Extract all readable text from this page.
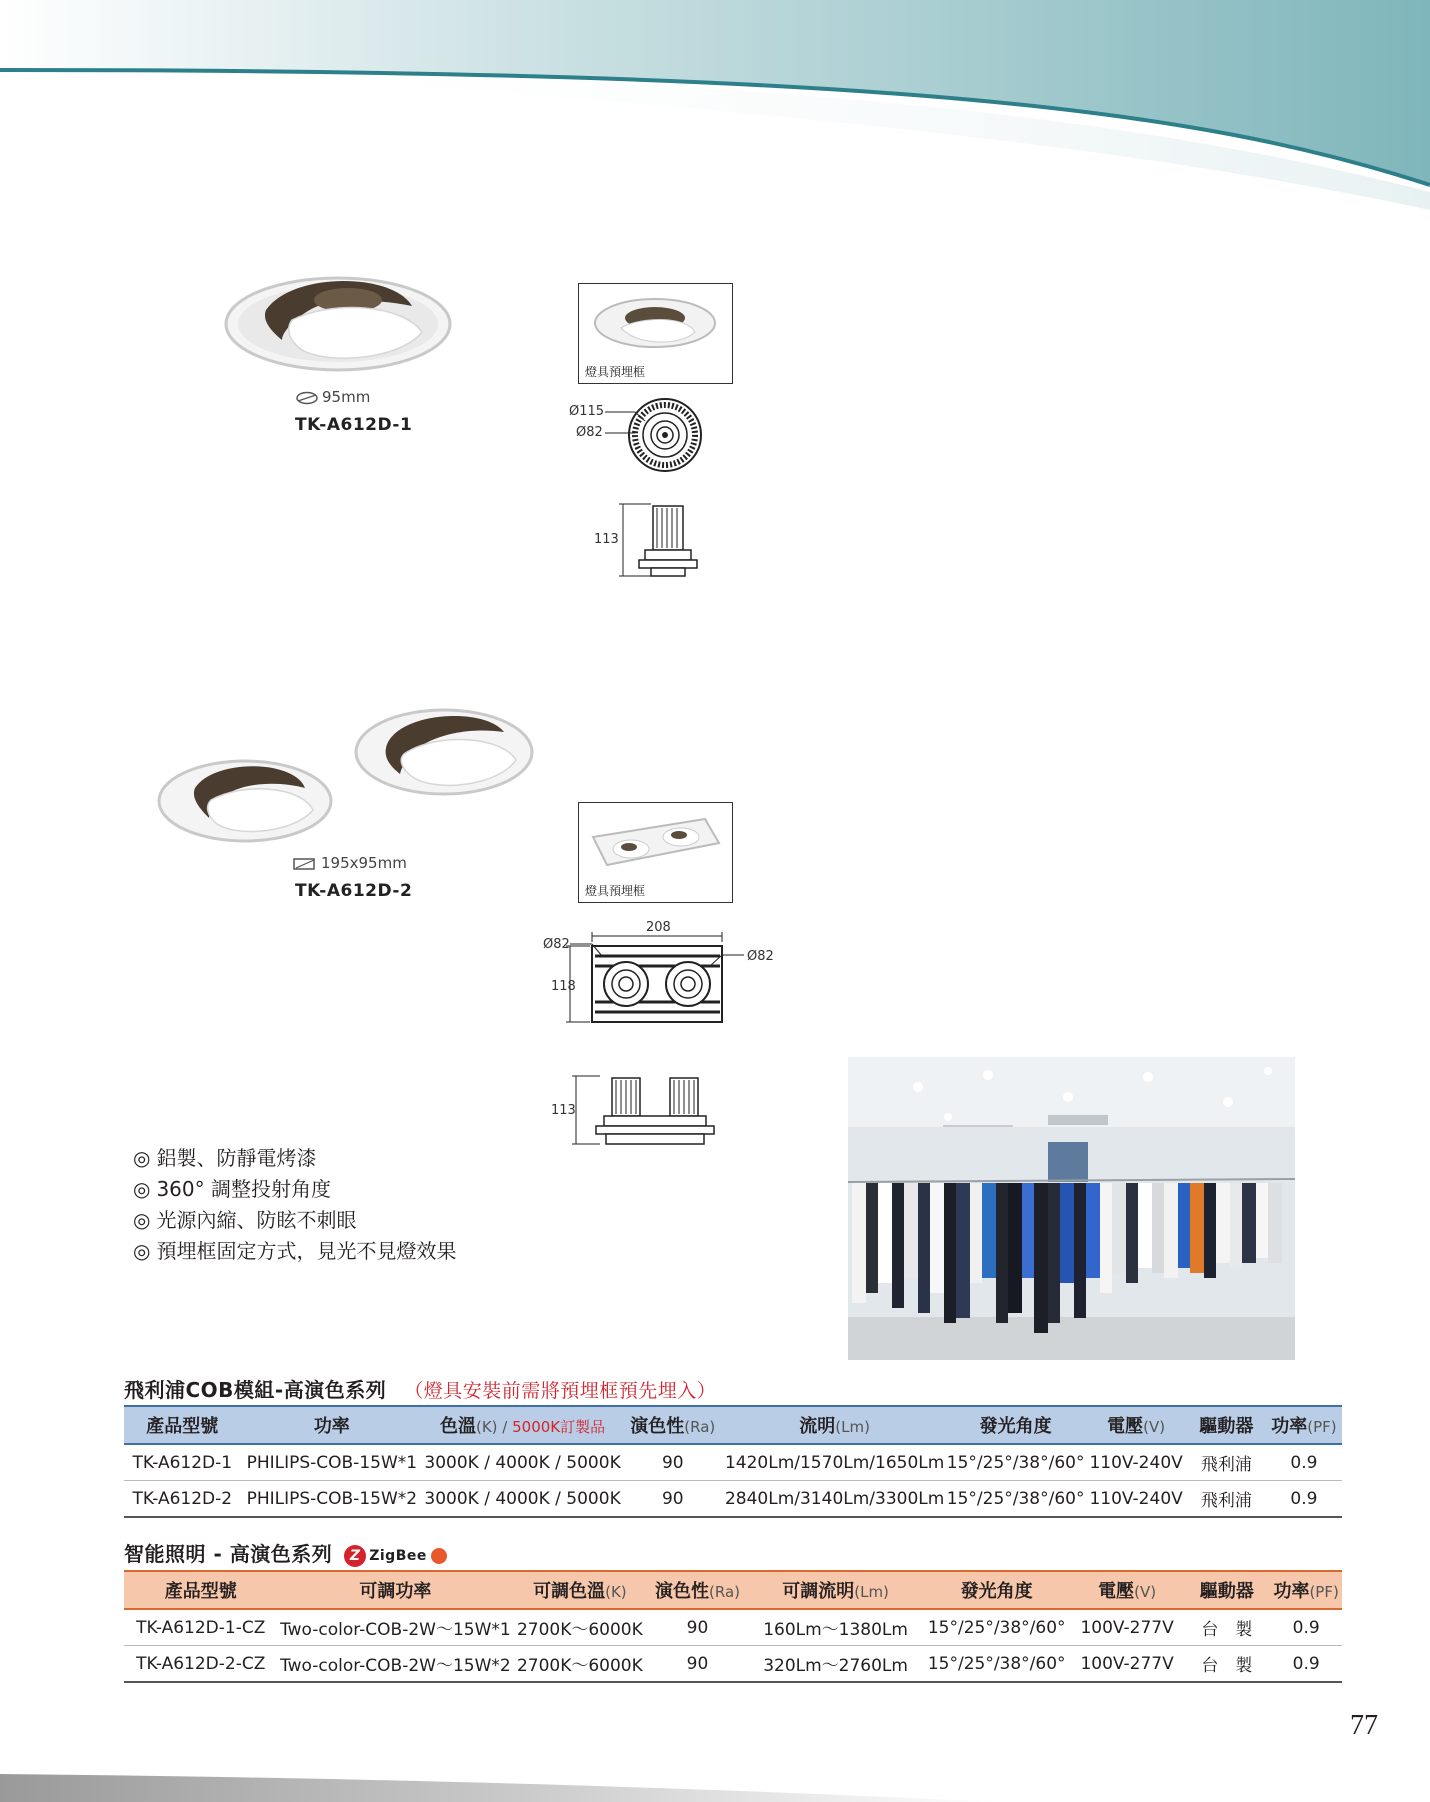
95mm
TK-A612D-1
燈具預埋框
Ø115
Ø82
113
195x95mm
TK-A612D-2	燈具預埋框
208
Ø82
Ø82
118
113
◎ 鋁製、防靜電烤漆
◎ 360° 調整投射角度
◎ 光源內縮、防眩不刺眼
◎ 預埋框固定方式，見光不見燈效果
飛利浦COB模組-高演色系列 （燈具安裝前需將預埋框預先埋入）
產品型號	功率	色溫(K) / 5000K訂製品	演色性(Ra)	流明(Lm)	發光角度	電壓(V)	驅動器	功率(PF)
TK-A612D-1	PHILIPS-COB-15W*1	3000K / 4000K / 5000K	90	1420Lm/1570Lm/1650Lm	15°/25°/38°/60°	110V-240V	飛利浦	0.9
TK-A612D-2	PHILIPS-COB-15W*2	3000K / 4000K / 5000K	90	2840Lm/3140Lm/3300Lm	15°/25°/38°/60°	110V-240V	飛利浦	0.9
智能照明 - 高演色系列 Z ZigBee
產品型號	可調功率	可調色溫(K)	演色性(Ra)	可調流明(Lm)	發光角度	電壓(V)	驅動器	功率(PF)
TK-A612D-1-CZ	Two-color-COB-2W～15W*1	2700K～6000K	90	160Lm～1380Lm	15°/25°/38°/60°	100V-277V	台　製	0.9
TK-A612D-2-CZ	Two-color-COB-2W～15W*2	2700K～6000K	90	320Lm～2760Lm	15°/25°/38°/60°	100V-277V	台　製	0.9
77
